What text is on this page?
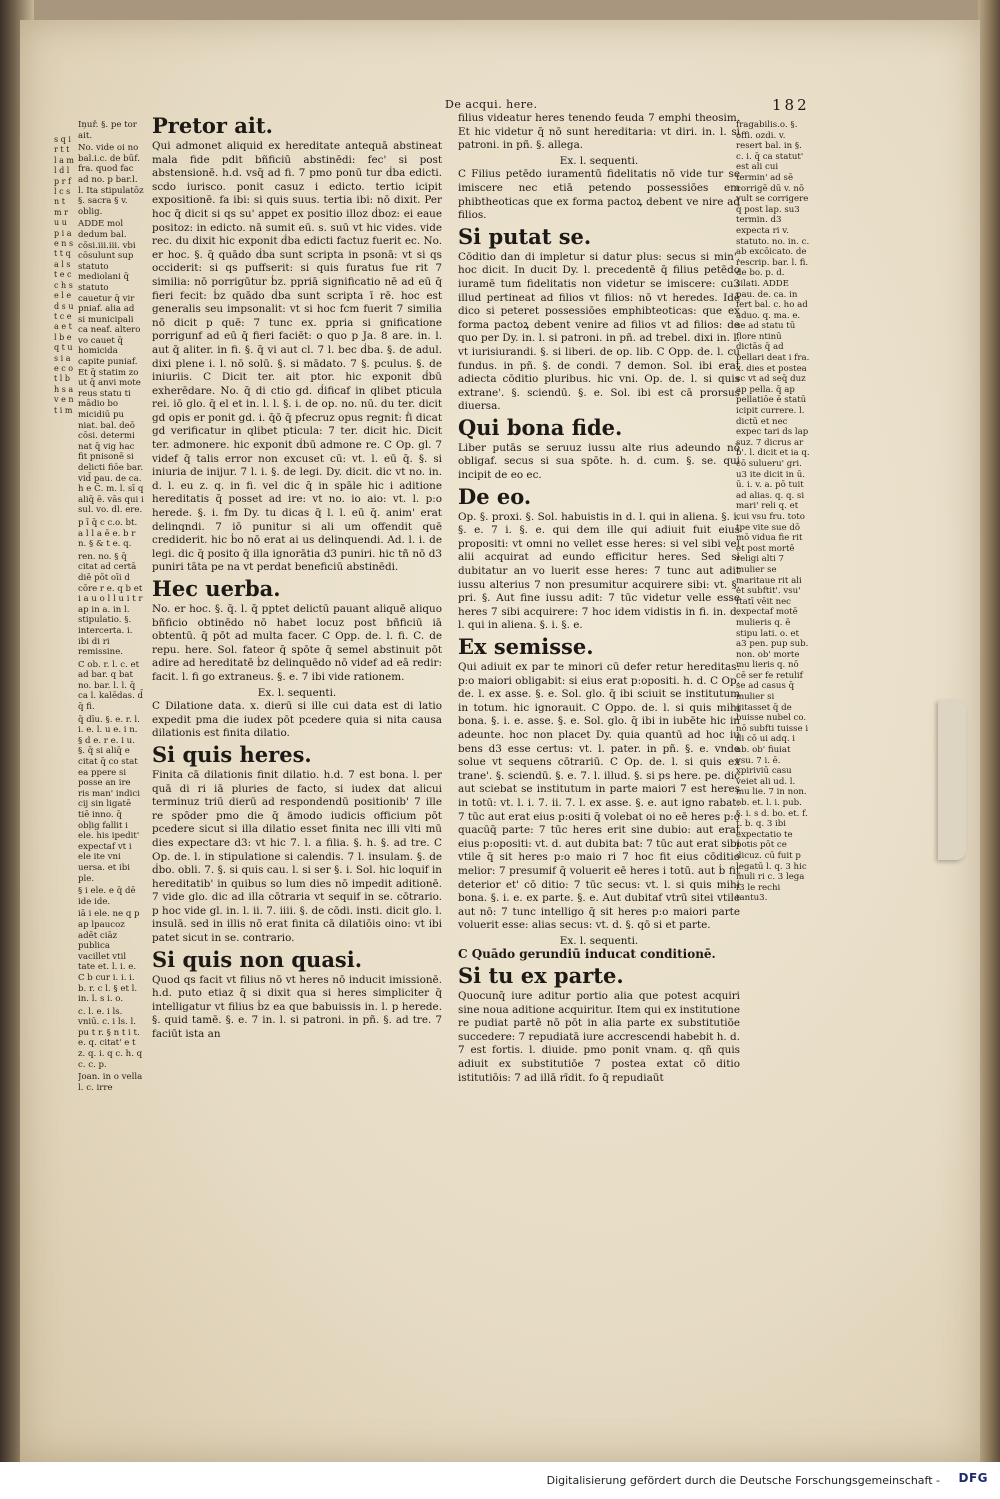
s q i r t t l a m l d l p r f l c s n t m r u u p i a e n s t t q a l s t e c c h s e l e d s u t c e a e t l b e q t u s i a e c o t l b h s a v e n t i m
De acqui. here.	182

Iņuř. §. pe tor ait.

No. vide oi no bal.i.c. de būf. fra. quod fac ad no. p bar.l. l. Ita stipulatōz §. sacra § v. oblig.

ADDE mol dedum bal. cōsi.iii.iii. vbi cōsulunt sup statuto mediolani q̄ statuto cauetur q̄ vir pniaf. alia ad si municipali ca neaf. altero vo cauet q̄ homicida capite puniaf. Et q̄ statim zo ut q̄ anvi mote reus statu ti mādio bo micidiū pu niat. bal. deō cōsi. determi nat q̄ vig hac fit pnisonē si delicti fiōe bar. vid̄ pau. de ca. h e C̄. m. l. sī q aliq̄ ē. vās qui i sul. vo. dl. ere.

p ī q̄ c c.o. bt. a l l a ē e. b r n. § & t e. q.

ren. no. § q̄ citat ad certā diē pōt oīi d cōre r e. q b et i a u o l l u i t r ap in a. in l. stipulatio. §. intercerta. i. ibi di ri remissine.

C ob. r. l. c. et ad bar. q bat no. bar. l. l. q̄ ca l. kalēdas. d̄ q̄ fi.

q̄ dīu. §. e. r. l. i. e. l. u e. i n. § d e. r e. i u. §. q̄ si aliq̄ e citat q̄ co stat ea ppere si posse an ire ris man' indici cij sin ligatē tiē inno. q̄ obļig fallit i ele. his ipedit' expectaf vt i ele ite vni uersa. et ibi ple.

§ i ele. e q̄ dē ide ide.

iā i ele. ne q p ap lpaucoz adēt ciāz publica vacillet vtil tate et. l. i. e. C b cur i. i. i. b. r. c l. § et l. in. l. s i. o.

c. l. e. i ls. vniū. c. i ls. l. pu t r. § n t i t. e. q. citat' e t z. q. i. q c. h. q c. c. p.

Joan. in o vella l. c. irre

Pretor ait.

Qui admonet aliquid ex hereditate antequā abstineat mala fide pdit bñficiū abstinēdi: fec' si post abstensionē. h.d. vsq̄ ad fi. 7 pmo ponū tur ḋba edicti. scdo iurisco. ponit casuz i edicto. tertio icipit expositionē. fa ibi: si quis suus. tertia ibi: nō dixit. Per hoc q̄ dicit si qs su' appet ex positio illoz ḋboz: ei eaue positoz: in edicto. nā sumit eū. s. suū vt hic vides. vide rec. du dixit hic exponit ḋba edicti factuz fuerit ec. No. er hoc. §. q̄ quādo ḋba sunt scripta in psonā: vt si qs occiderit: si qs puffserit: si quis furatus fue rit 7 similia: nō porrigūtur ḃz. ppriā significatio nē ad eū q̄ fieri fecit: ḃz quādo ḋba sunt scripta ī rē. hoc est generalis seu impsonalit: vt si hoc fcm fuerit 7 similia nō dicit p quē: 7 tunc ex. ppria si gnificatione porrigunf ad eū q̄ fieri faciēt: o quo p Ja. 8 are. in. l. aut q̄ aliter. in fi. §. q̄ vi aut cl. 7 l. bec ḋba. §. de adul. dixi plene i. l. nō solū. §. si mādato. 7 §. pculus. §. de iniuriis. C Dicit ter. ait ptor. hic exponit ḋbū exherēdare. No. q̄ di ctio gd. ḋificaf in qlibet pticula rei. iō glo. q̄ el et in. l. l. §. i. de op. no. nū. du ter. dicit gd opis er ponit gd. i. q̄ō q̄ pfecruz opus regnit: ḟi dicat gd verificatur in qlibet pticula: 7 ter. dicit hic. Dicit ter. admonere. hic exponit ḋbū admone re. C Op. gl. 7 videf q̄ talis error non excuset cū: vt. l. eū q̄. §. si iniuria de inijur. 7 l. i. §. de legi. Dy. dicit. dic vt no. in. d. l. eu z. q. in fi. vel dic q̄ in spāle hic i aditione hereditatis q̄ posset ad ire: vt no. io aio: vt. l. p:o herede. §. i. fm Dy. tu dicas q̄ l. l. eū q̄. anim' erat delinqndi. 7 iō punitur si ali um offendit quē crediderit. hic ḃo nō erat ai us delinquendi. Ad. l. i. de legi. dic q̄ posito q̄ illa ignorātia d3 puniri. hic tñ nō d3 puniri tāta pe na vt perdat beneficiū abstinēdi.

Hec uerba.

No. er hoc. §. q̄. l. q̄ pptet delictū pauant aliquē aliquo bñficio obtinēdo nō habet locuz post bñficiū iā obtentū. q̄ pōt ad multa facer. C Opp. de. l. fi. C. de repu. here. Sol. fateor q̄ spōte q̄ semel abstinuit pōt adire ad hereditatē ḃz delinquēdo nō videf ad eā redir: facit. l. fi go extraneus. §. e. 7 ibi vide rationem.

Ex. l. sequenti.

C Dilatione data. x. dierū si ille cui data est di latio expedit pma die iudex pōt pcedere quia si nita causa dilationis est finita dilatio.

Si quis heres.

Finita cā dilationis finit dilatio. h.d. 7 est bona. l. per quā di ri iā pluries de facto, si iudex dat alicui terminuz triū dierū ad respondendū positionib' 7 ille re spōder pmo die q̄ ämodo iudicis officium pōt pcedere sicut si illa dilatio esset finita nec illi vlti mū dies expectare d3: vt hic 7. l. a filia. §. h. §. ad tre. C Op. de. l. in stipulatione si calendis. 7 l. insulam. §. de ḋbo. obli. 7. §. si quis cau. l. si ser §. i. Sol. hic loquif in hereditatib' in quibus so lum dies nō impedit aditionē. 7 vide glo. dic ad illa cōtraria vt sequif in se. cōtrario. p hoc vide gl. in. l. ii. 7. iiii. §. de cōdi. insti. dicit glo. l. insulā. sed in illis nō erat finita cā dilatiōis oino: vt ibi patet sicut in se. contrario.

Si quis non quasi.

Quod qs facit vt filius nō vt heres nō inducit imissionē. h.d. puto etiaz q̄ si dixit qua si heres simpliciter q̄ intelligatur vt filius ḃz ea que babuissis in. l. p herede. §. quid tamē. §. e. 7 in. l. si patroni. in pñ. §. ad tre. 7 faciūt ista an

filius videatur heres tenendo feuda 7 emphi theosim. Et hic videtur q̄ nō sunt hereditaria: vt diri. in. l. si patroni. in pñ. §. allega.

Ex. l. sequenti.

C Filius petēdo iuramentū fidelitatis nō vide tur se imiscere nec etiā petendo possessiōes em phibtheoticas que ex forma pactoꝝ debent ve nire ad filios.

Si putat se.

Cōditio dan di impletur si datur plus: secus si min'. hoc dicit. In ducit Dy. l. precedentē q̄ filius petēdo iuramē tum fidelitatis non videtur se imiscere: cu3 illud pertineat ad filios vt filios: nō vt heredes. Idē dico si peteret possessiōes emphibteoticas: que ex forma pactoꝝ debent venire ad filios vt ad filios: de quo per Dy. in. l. si patroni. in pñ. ad trebel. dixi in. l. vt iurisiurandi. §. si liberi. de op. lib. C Opp. de. l. cu fundus. in pñ. §. de condi. 7 demon. Sol. ibi erat adiecta cōditio pluribus. hic vni. Op. de. l. si quis extrane'. §. sciendū. §. e. Sol. ibi est cā prorsus diuersa.

Qui bona fide.

Liber putās se seruuz iussu alte rius adeundo nō obligaf. secus si sua spōte. h. d. cum. §. se. qui incipit de eo ec.

De eo.

Op. §. proxi. §. Sol. habuistis in d. l. qui in aliena. §. i. §. e. 7 i. §. e. qui dem ille qui adiuit fuit eius propositi: vt omni no vellet esse heres: si vel sibi vel alii acquirat ad eundo efficitur heres. Sed si dubitatur an vo luerit esse heres: 7 tunc aut adit iussu alterius 7 non presumitur acquirere sibi: vt. §. pri. §. Aut fine iussu adit: 7 tūc videtur velle esse heres 7 sibi acquirere: 7 hoc idem vidistis in fi. in. d. l. qui in aliena. §. i. §. e.

Ex semisse.

Qui adiuit ex par te minori cū defer retur hereditas: p:o maiori obligabit: si eius erat p:opositi. h. d. C Op. de. l. ex asse. §. e. Sol. glo. q̄ ibi sciuit se institutum in totum. hic ignorauit. C Oppo. de. l. si quis mihi bona. §. i. e. asse. §. e. Sol. glo. q̄ ibi in iubēte hic in adeunte. hoc non placet Dy. quia quantū ad hoc iu bens d3 esse certus: vt. l. pater. in pñ. §. e. vnde solue vt sequens cōtrariū. C Op. de. l. si quis ex trane'. §. sciendū. §. e. 7. l. illud. §. si ps here. pe. dic aut sciebat se institutum in parte maiori 7 est heres in totū: vt. l. i. 7. ii. 7. l. ex asse. §. e. aut igno rabat: 7 tūc aut erat eius p:ositi q̄ volebat oi no eē heres p:o quacūq̄ parte: 7 tūc heres erit sine dubio: aut erat eius p:opositi: vt. d. aut dubita bat: 7 tūc aut erat sibi vtile q̄ sit heres p:o maio ri 7 hoc fit eius cōditio melior: 7 presumif q̄ voluerit eē heres i totū. aut ḃ fit deterior et' cō ditio: 7 tūc secus: vt. l. si quis mihi bona. §. i. e. ex parte. §. e. Aut dubitaf vtrū sitei vtile aut nō: 7 tunc intelligo q̄ sit heres p:o maiori parte voluerit esse: alias secus: vt. d. §. qō si et parte.

Ex. l. sequenti.

C Quādo gerundiū inducat conditionē.

Si tu ex parte.

Quocunq̄ iure aditur portio alia que potest acquiri sine noua aditione acquiritur. Item qui ex institutione re pudiat partē nō pōt in alia parte ex substitutiōe succedere: 7 repudiatā iure accrescendi habebit h. d. 7 est fortis. l. diuide. pmo ponit vnam. q. qñ quis adiuit ex substitutiōe 7 postea extat cō ditio istitutiōis: 7 ad illā rīdit. fo q̄ repudiaūt

fragabilis.o. §. offi. ozdi. v. resert bal. in §. c. i. q̄ ca statut' est ali cui termin' ad sē corrigē dū v. nō vult se corrigere q̄ post lap. su3 termin. d3 expecta ri v. statuto. no. in. c. ab excōicato. de rescrip. bar. l. fi. de bo. p. d. silati. ADDE pau. de. ca. in fert bal. c. ho ad aduo. q. ma. e. se ad statu tū flore ntinū dictās q̄ ad pellari deat i fra. x. dies et postea sc vt ad seq̄ duz ap pella. q̄ ap pellatiōe ē statū icipit currere. l. dictū et nec expec tari ds lap suz. 7 dicrus ar b'. l. dicit et ia q. cō sulueru' gri. u3 ite dicit in ū. ū. i. v. a. pō tuit ad alias. q. q. si mari' reli q. et cui vsu fru. toto tpe vite sue dō mō vidua fie rit et post mortē religi alti 7 mulier se maritaue rit ali et subftit'. vsu' ftatī vēit nec expectaf motē mulieris q. ē stipu lati. o. et a3 pen. pup sub. non. ob' morte mu lieris q. nō cē ser fe retulif se ad casus q̄ mulier si gitasset q̄ de buisse nubel co. nō subfti tuisse i ili cō ui adq. i ab. ob' fiuiat vsu. 7 i. ē. xpiriviū casu veiet ali ud. l. mu lie. 7 in non. ob. et. l. i. pub. §. i. s d. bo. et. f. t. b. q. 3 ibi expectatio te potis pōt ce dicuz. cū fuit p legatū l. q. 3 hic muli ri c. 3 lega f3 le rechi tantu3.

Digitalisierung gefördert durch die Deutsche Forschungsgemeinschaft - DFG
